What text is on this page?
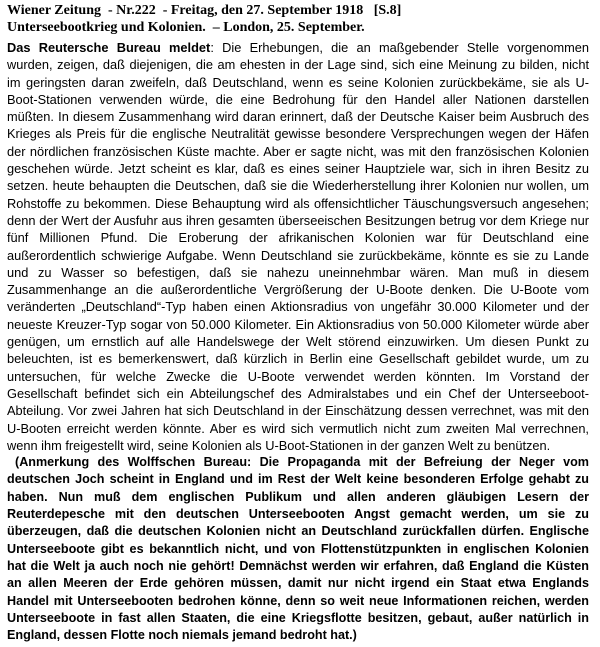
Wiener Zeitung  - Nr.222  - Freitag, den 27. September 1918   [S.8]
Unterseebootkrieg und Kolonien.  – London, 25. September.

Das Reutersche Bureau meldet: Die Erhebungen, die an maßgebender Stelle vorgenommen wurden, zeigen, daß diejenigen, die am ehesten in der Lage sind, sich eine Meinung zu bilden, nicht im geringsten daran zweifeln, daß Deutschland, wenn es seine Kolonien zurückbekäme, sie als U-Boot-Stationen verwenden würde, die eine Bedrohung für den Handel aller Nationen darstellen müßten. In diesem Zusammenhang wird daran erinnert, daß der Deutsche Kaiser beim Ausbruch des Krieges als Preis für die englische Neutralität gewisse besondere Versprechungen wegen der Häfen der nördlichen französischen Küste machte. Aber er sagte nicht, was mit den französischen Kolonien geschehen würde. Jetzt scheint es klar, daß es eines seiner Hauptziele war, sich in ihren Besitz zu setzen. heute behaupten die Deutschen, daß sie die Wiederherstellung ihrer Kolonien nur wollen, um Rohstoffe zu bekommen. Diese Behauptung wird als offensichtlicher Täuschungsversuch angesehen; denn der Wert der Ausfuhr aus ihren gesamten überseeischen Besitzungen betrug vor dem Kriege nur fünf Millionen Pfund. Die Eroberung der afrikanischen Kolonien war für Deutschland eine außerordentlich schwierige Aufgabe. Wenn Deutschland sie zurückbekäme, könnte es sie zu Lande und zu Wasser so befestigen, daß sie nahezu uneinnehmbar wären. Man muß in diesem Zusammenhange an die außerordentliche Vergrößerung der U-Boote denken. Die U-Boote vom veränderten „Deutschland“-Typ haben einen Aktionsradius von ungefähr 30.000 Kilometer und der neueste Kreuzer-Typ sogar von 50.000 Kilometer. Ein Aktionsradius von 50.000 Kilometer würde aber genügen, um ernstlich auf alle Handelswege der Welt störend einzuwirken. Um diesen Punkt zu beleuchten, ist es bemerkenswert, daß kürzlich in Berlin eine Gesellschaft gebildet wurde, um zu untersuchen, für welche Zwecke die U-Boote verwendet werden könnten. Im Vorstand der Gesellschaft befindet sich ein Abteilungschef des Admiralstabes und ein Chef der Unterseeboot-Abteilung. Vor zwei Jahren hat sich Deutschland in der Einschätzung dessen verrechnet, was mit den U-Booten erreicht werden könnte. Aber es wird sich vermutlich nicht zum zweiten Mal verrechnen, wenn ihm freigestellt wird, seine Kolonien als U-Boot-Stationen in der ganzen Welt zu benützen.

(Anmerkung des Wolffschen Bureau: Die Propaganda mit der Befreiung der Neger vom deutschen Joch scheint in England und im Rest der Welt keine besonderen Erfolge gehabt zu haben. Nun muß dem englischen Publikum und allen anderen gläubigen Lesern der Reuterdepesche mit den deutschen Unterseebooten Angst gemacht werden, um sie zu überzeugen, daß die deutschen Kolonien nicht an Deutschland zurückfallen dürfen. Englische Unterseeboote gibt es bekanntlich nicht, und von Flottenstützpunkten in englischen Kolonien hat die Welt ja auch noch nie gehört! Demnächst werden wir erfahren, daß England die Küsten an allen Meeren der Erde gehören müssen, damit nur nicht irgend ein Staat etwa Englands Handel mit Unterseebooten bedrohen könne, denn so weit neue Informationen reichen, werden Unterseeboote in fast allen Staaten, die eine Kriegsflotte besitzen, gebaut, außer natürlich in England, dessen Flotte noch niemals jemand bedroht hat.)
